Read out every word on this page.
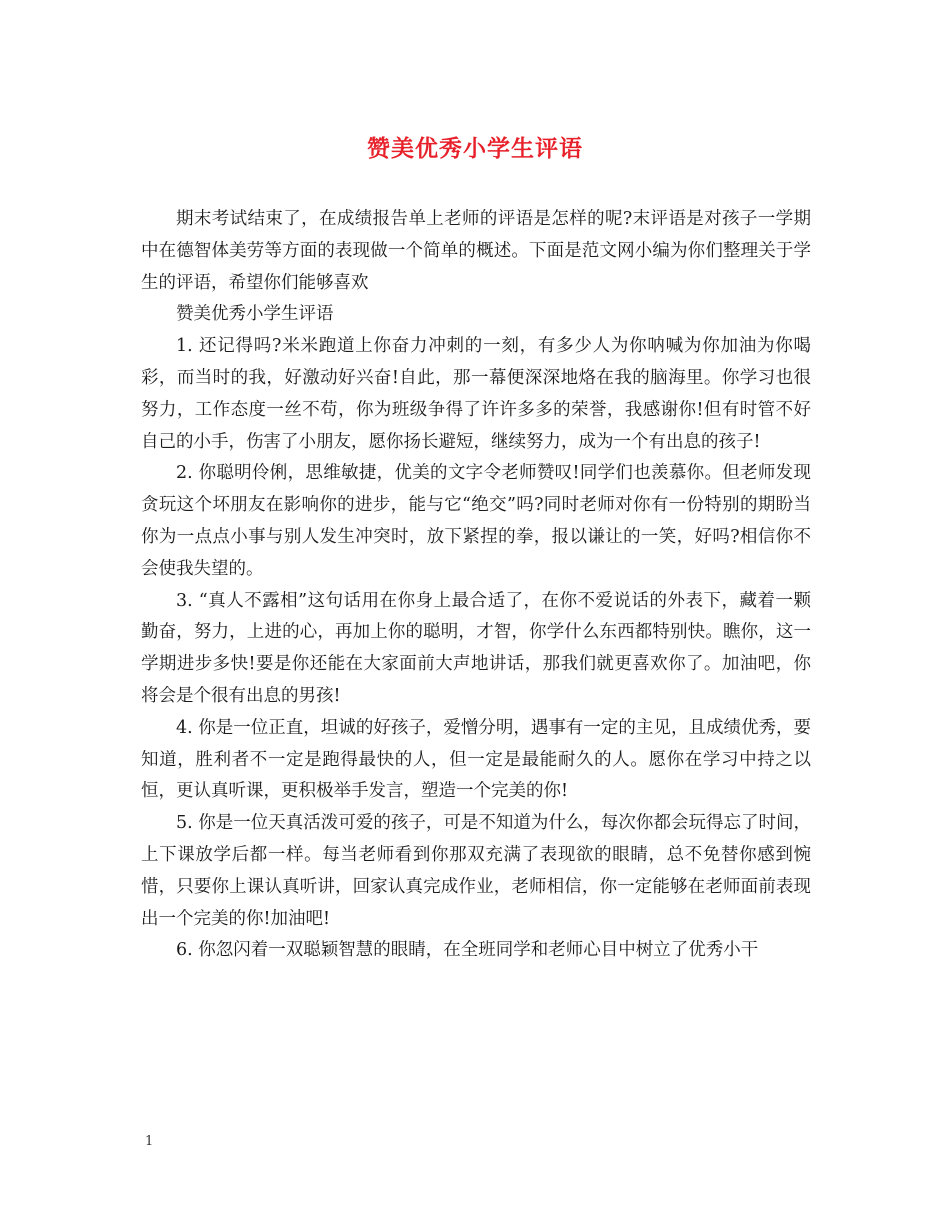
赞美优秀小学生评语

期末考试结束了，在成绩报告单上老师的评语是怎样的呢?末评语是对孩子一学期中在德智体美劳等方面的表现做一个简单的概述。下面是范文网小编为你们整理关于学生的评语，希望你们能够喜欢

赞美优秀小学生评语

1. 还记得吗?米米跑道上你奋力冲刺的一刻，有多少人为你呐喊为你加油为你喝彩，而当时的我，好激动好兴奋!自此，那一幕便深深地烙在我的脑海里。你学习也很努力，工作态度一丝不苟，你为班级争得了许许多多的荣誉，我感谢你!但有时管不好自己的小手，伤害了小朋友，愿你扬长避短，继续努力，成为一个有出息的孩子!

2. 你聪明伶俐，思维敏捷，优美的文字令老师赞叹!同学们也羡慕你。但老师发现贪玩这个坏朋友在影响你的进步，能与它“绝交”吗?同时老师对你有一份特别的期盼当你为一点点小事与别人发生冲突时，放下紧捏的拳，报以谦让的一笑，好吗?相信你不会使我失望的。

3. “真人不露相”这句话用在你身上最合适了，在你不爱说话的外表下，藏着一颗勤奋，努力，上进的心，再加上你的聪明，才智，你学什么东西都特别快。瞧你，这一学期进步多快!要是你还能在大家面前大声地讲话，那我们就更喜欢你了。加油吧，你将会是个很有出息的男孩!

4. 你是一位正直，坦诚的好孩子，爱憎分明，遇事有一定的主见，且成绩优秀，要知道，胜利者不一定是跑得最快的人，但一定是最能耐久的人。愿你在学习中持之以恒，更认真听课，更积极举手发言，塑造一个完美的你!

5. 你是一位天真活泼可爱的孩子，可是不知道为什么，每次你都会玩得忘了时间，上下课放学后都一样。每当老师看到你那双充满了表现欲的眼睛，总不免替你感到惋惜，只要你上课认真听讲，回家认真完成作业，老师相信，你一定能够在老师面前表现出一个完美的你!加油吧!

6. 你忽闪着一双聪颖智慧的眼睛，在全班同学和老师心目中树立了优秀小干

1
